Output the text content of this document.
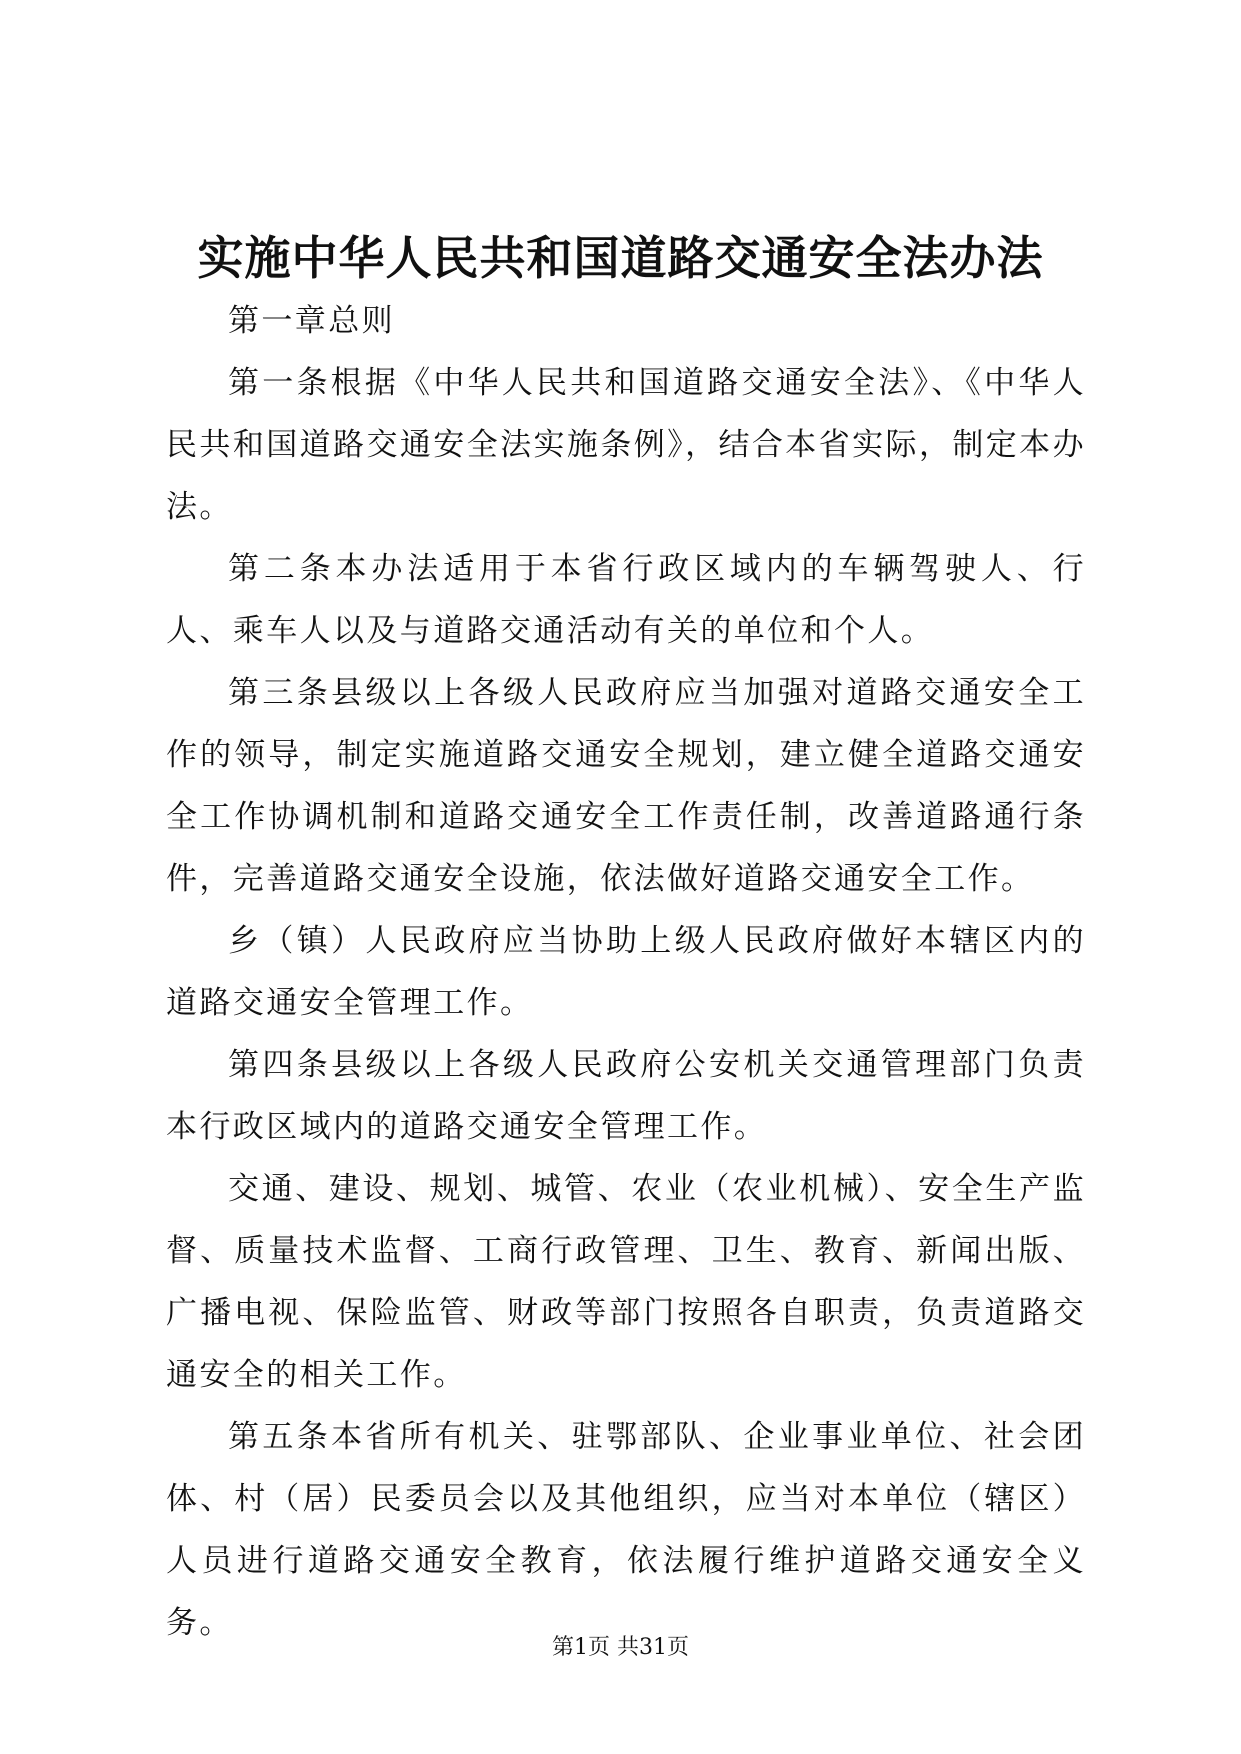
实施中华人民共和国道路交通安全法办法

第一章总则

第一条根据《中华人民共和国道路交通安全法》、《中华人民共和国道路交通安全法实施条例》，结合本省实际，制定本办法。

第二条本办法适用于本省行政区域内的车辆驾驶人、行人、乘车人以及与道路交通活动有关的单位和个人。

第三条县级以上各级人民政府应当加强对道路交通安全工作的领导，制定实施道路交通安全规划，建立健全道路交通安全工作协调机制和道路交通安全工作责任制，改善道路通行条件，完善道路交通安全设施，依法做好道路交通安全工作。

乡（镇）人民政府应当协助上级人民政府做好本辖区内的道路交通安全管理工作。

第四条县级以上各级人民政府公安机关交通管理部门负责本行政区域内的道路交通安全管理工作。

交通、建设、规划、城管、农业（农业机械）、安全生产监督、质量技术监督、工商行政管理、卫生、教育、新闻出版、广播电视、保险监管、财政等部门按照各自职责，负责道路交通安全的相关工作。

第五条本省所有机关、驻鄂部队、企业事业单位、社会团体、村（居）民委员会以及其他组织，应当对本单位（辖区）人员进行道路交通安全教育，依法履行维护道路交通安全义务。

第1页 共31页
